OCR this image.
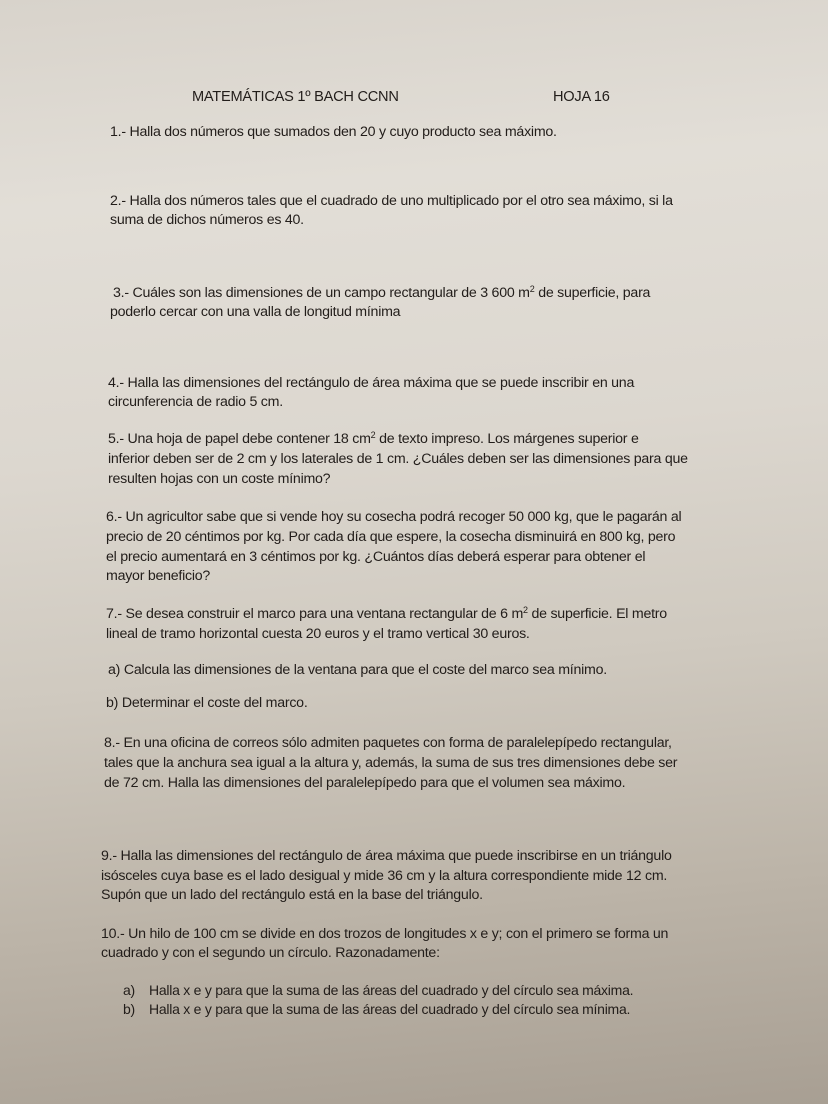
MATEMÁTICAS 1º BACH CCNN	HOJA 16
1.- Halla dos números que sumados den 20 y cuyo producto sea máximo.
2.- Halla dos números tales que el cuadrado de uno multiplicado por el otro sea máximo, si la
suma de dichos números es 40.
3.- Cuáles son las dimensiones de un campo rectangular de 3 600 $m^2$ de superficie, para
poderlo cercar con una valla de longitud mínima
4.- Halla las dimensiones del rectángulo de área máxima que se puede inscribir en una
circunferencia de radio 5 cm.
5.- Una hoja de papel debe contener 18 $cm^2$ de texto impreso. Los márgenes superior e
inferior deben ser de 2 cm y los laterales de 1 cm. ¿Cuáles deben ser las dimensiones para que
resulten hojas con un coste mínimo?
6.- Un agricultor sabe que si vende hoy su cosecha podrá recoger 50 000 kg, que le pagarán al
precio de 20 céntimos por kg. Por cada día que espere, la cosecha disminuirá en 800 kg, pero
el precio aumentará en 3 céntimos por kg. ¿Cuántos días deberá esperar para obtener el
mayor beneficio?
7.- Se desea construir el marco para una ventana rectangular de 6 $m^2$ de superficie. El metro
lineal de tramo horizontal cuesta 20 euros y el tramo vertical 30 euros.
a) Calcula las dimensiones de la ventana para que el coste del marco sea mínimo.
b) Determinar el coste del marco.
8.- En una oficina de correos sólo admiten paquetes con forma de paralelepípedo rectangular,
tales que la anchura sea igual a la altura y, además, la suma de sus tres dimensiones debe ser
de 72 cm. Halla las dimensiones del paralelepípedo para que el volumen sea máximo.
9.- Halla las dimensiones del rectángulo de área máxima que puede inscribirse en un triángulo
isósceles cuya base es el lado desigual y mide 36 cm y la altura correspondiente mide 12 cm.
Supón que un lado del rectángulo está en la base del triángulo.
10.- Un hilo de 100 cm se divide en dos trozos de longitudes x e y; con el primero se forma un
cuadrado y con el segundo un círculo. Razonadamente:
a) Halla x e y para que la suma de las áreas del cuadrado y del círculo sea máxima.
b) Halla x e y para que la suma de las áreas del cuadrado y del círculo sea mínima.
